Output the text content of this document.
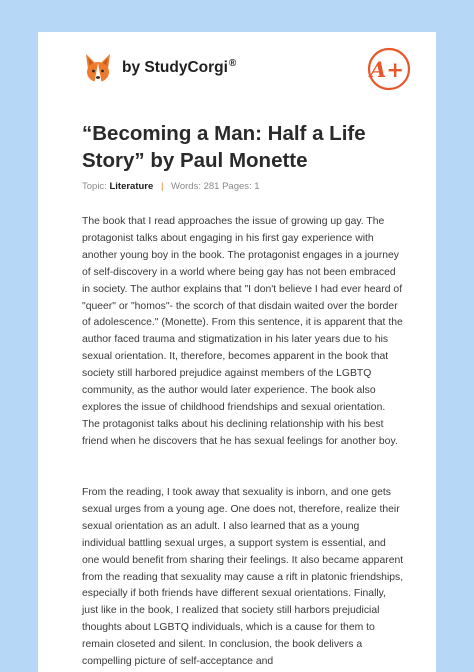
by StudyCorgi®	A+
“Becoming a Man: Half a Life Story” by Paul Monette
Topic: Literature | Words: 281 Pages: 1

The book that I read approaches the issue of growing up gay. The protagonist talks about engaging in his first gay experience with another young boy in the book. The protagonist engages in a journey of self-discovery in a world where being gay has not been embraced in society. The author explains that "I don't believe I had ever heard of "queer" or "homos"- the scorch of that disdain waited over the border of adolescence." (Monette). From this sentence, it is apparent that the author faced trauma and stigmatization in his later years due to his sexual orientation. It, therefore, becomes apparent in the book that society still harbored prejudice against members of the LGBTQ community, as the author would later experience. The book also explores the issue of childhood friendships and sexual orientation. The protagonist talks about his declining relationship with his best friend when he discovers that he has sexual feelings for another boy.

From the reading, I took away that sexuality is inborn, and one gets sexual urges from a young age. One does not, therefore, realize their sexual orientation as an adult. I also learned that as a young individual battling sexual urges, a support system is essential, and one would benefit from sharing their feelings. It also became apparent from the reading that sexuality may cause a rift in platonic friendships, especially if both friends have different sexual orientations. Finally, just like in the book, I realized that society still harbors prejudicial thoughts about LGBTQ individuals, which is a cause for them to remain closeted and silent. In conclusion, the book delivers a compelling picture of self-acceptance and
